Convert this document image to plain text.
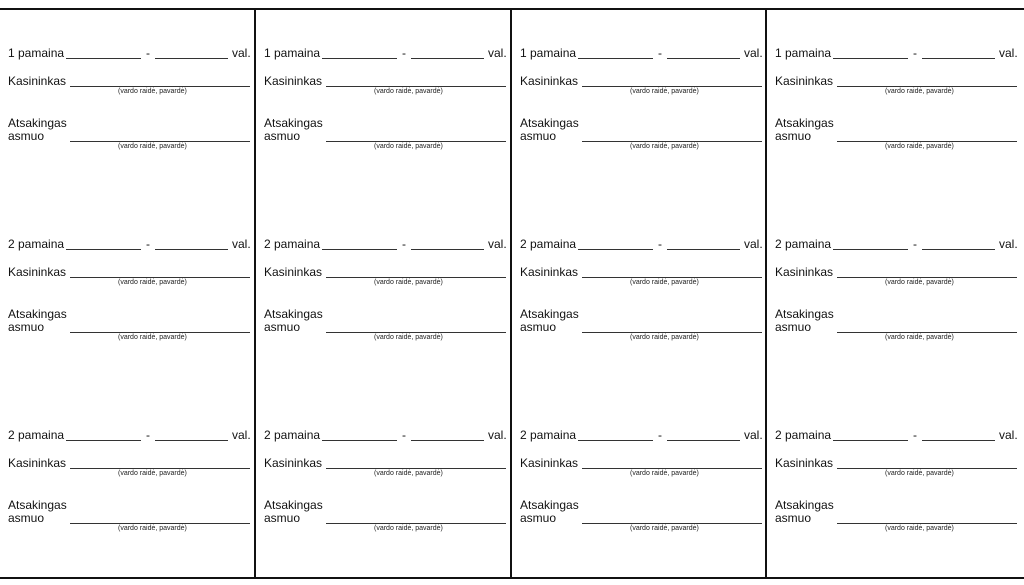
1 pamaina	-	val.
Kasininkas
(vardo raidė, pavardė)
Atsakingas
asmuo
(vardo raidė, pavardė)
2 pamaina	-	val.
Kasininkas
(vardo raidė, pavardė)
Atsakingas
asmuo
(vardo raidė, pavardė)
2 pamaina	-	val.
Kasininkas
(vardo raidė, pavardė)
Atsakingas
asmuo
(vardo raidė, pavardė)
1 pamaina	-	val.
Kasininkas
(vardo raidė, pavardė)
Atsakingas
asmuo
(vardo raidė, pavardė)
2 pamaina	-	val.
Kasininkas
(vardo raidė, pavardė)
Atsakingas
asmuo
(vardo raidė, pavardė)
2 pamaina	-	val.
Kasininkas
(vardo raidė, pavardė)
Atsakingas
asmuo
(vardo raidė, pavardė)
1 pamaina	-	val.
Kasininkas
(vardo raidė, pavardė)
Atsakingas
asmuo
(vardo raidė, pavardė)
2 pamaina	-	val.
Kasininkas
(vardo raidė, pavardė)
Atsakingas
asmuo
(vardo raidė, pavardė)
2 pamaina	-	val.
Kasininkas
(vardo raidė, pavardė)
Atsakingas
asmuo
(vardo raidė, pavardė)
1 pamaina	-	val.
Kasininkas
(vardo raidė, pavardė)
Atsakingas
asmuo
(vardo raidė, pavardė)
2 pamaina	-	val.
Kasininkas
(vardo raidė, pavardė)
Atsakingas
asmuo
(vardo raidė, pavardė)
2 pamaina	-	val.
Kasininkas
(vardo raidė, pavardė)
Atsakingas
asmuo
(vardo raidė, pavardė)
